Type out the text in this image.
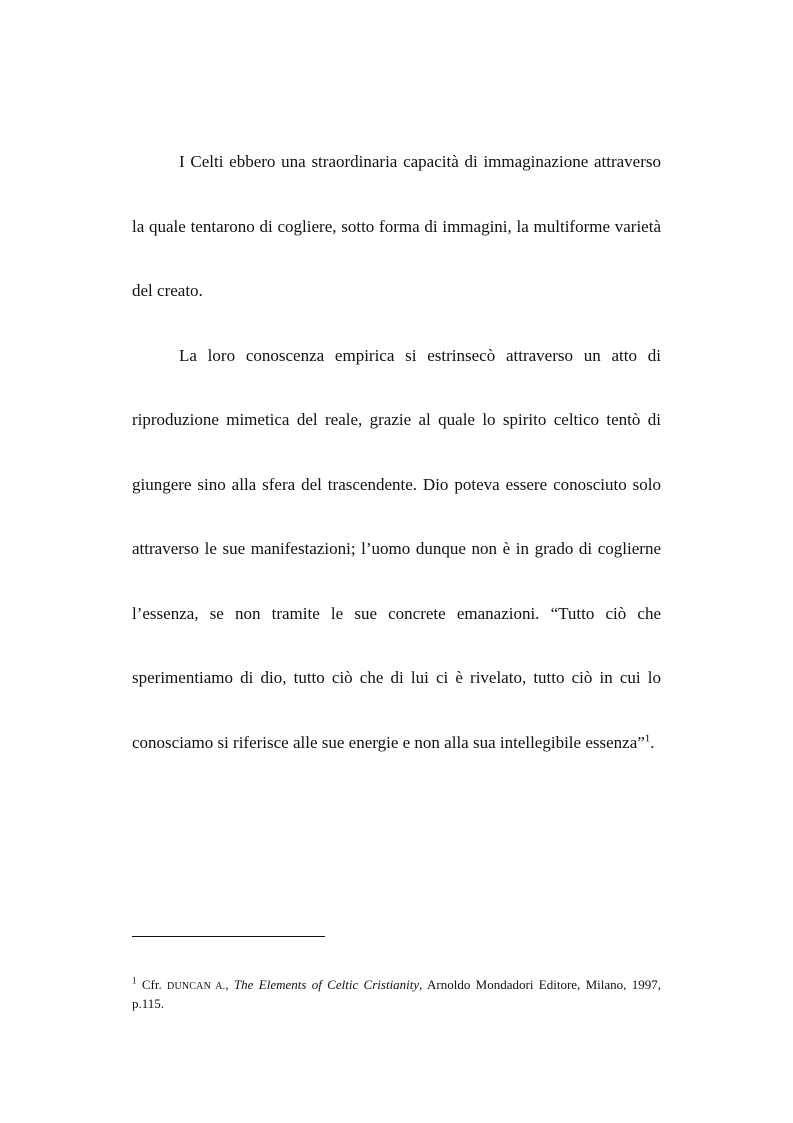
I Celti ebbero una straordinaria capacità di immaginazione attraverso la quale tentarono di cogliere, sotto forma di immagini, la multiforme varietà del creato.

La loro conoscenza empirica si estrinsecò attraverso un atto di riproduzione mimetica del reale, grazie al quale lo spirito celtico tentò di giungere sino alla sfera del trascendente. Dio poteva essere conosciuto solo attraverso le sue manifestazioni; l’uomo dunque non è in grado di coglierne l’essenza, se non tramite le sue concrete emanazioni. “Tutto ciò che sperimentiamo di dio, tutto ciò che di lui ci è rivelato, tutto ciò in cui lo conosciamo si riferisce alle sue energie e non alla sua intellegibile essenza”$^1$.

$^1$ Cfr. DUNCAN A., The Elements of Celtic Cristianity, Arnoldo Mondadori Editore, Milano, 1997, p.115.
